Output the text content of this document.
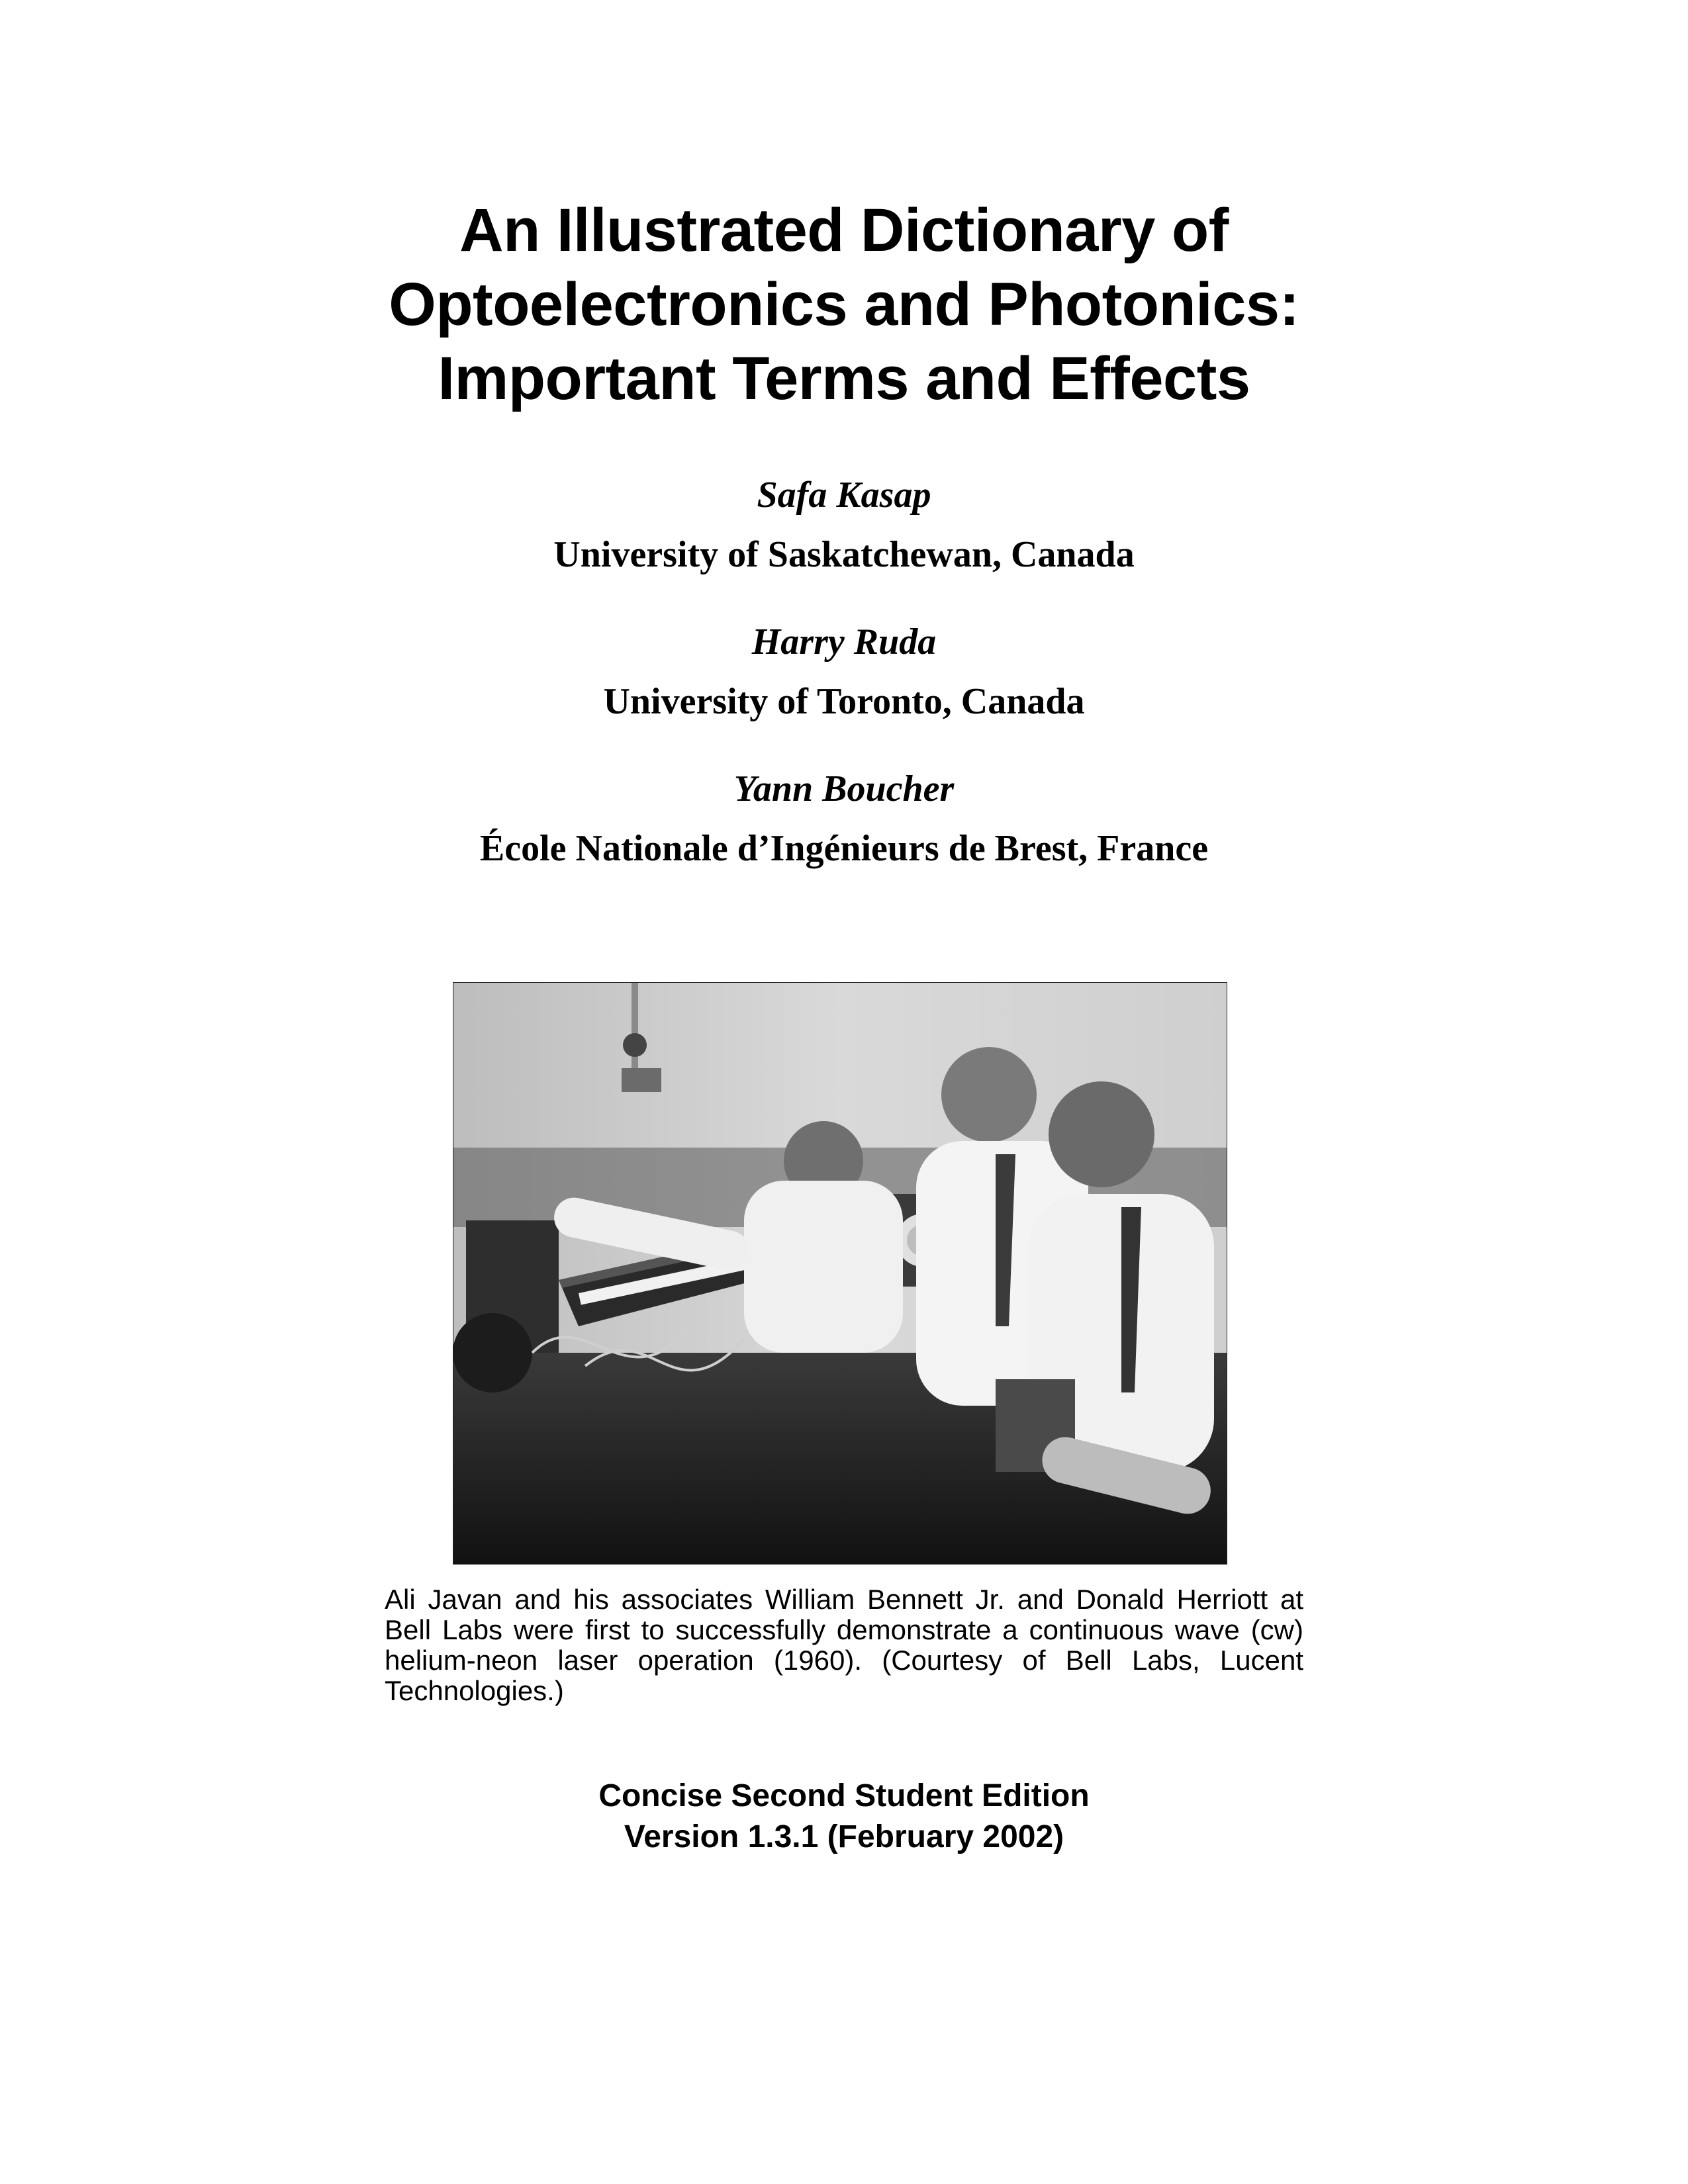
An Illustrated Dictionary of
Optoelectronics and Photonics:
Important Terms and Effects
Safa Kasap
University of Saskatchewan, Canada
Harry Ruda
University of Toronto, Canada
Yann Boucher
École Nationale d’Ingénieurs de Brest, France
Ali Javan and his associates William Bennett Jr. and Donald Herriott at Bell Labs were first to successfully demonstrate a continuous wave (cw) helium-neon laser operation (1960). (Courtesy of Bell Labs, Lucent Technologies.)
Concise Second Student Edition
Version 1.3.1 (February 2002)
